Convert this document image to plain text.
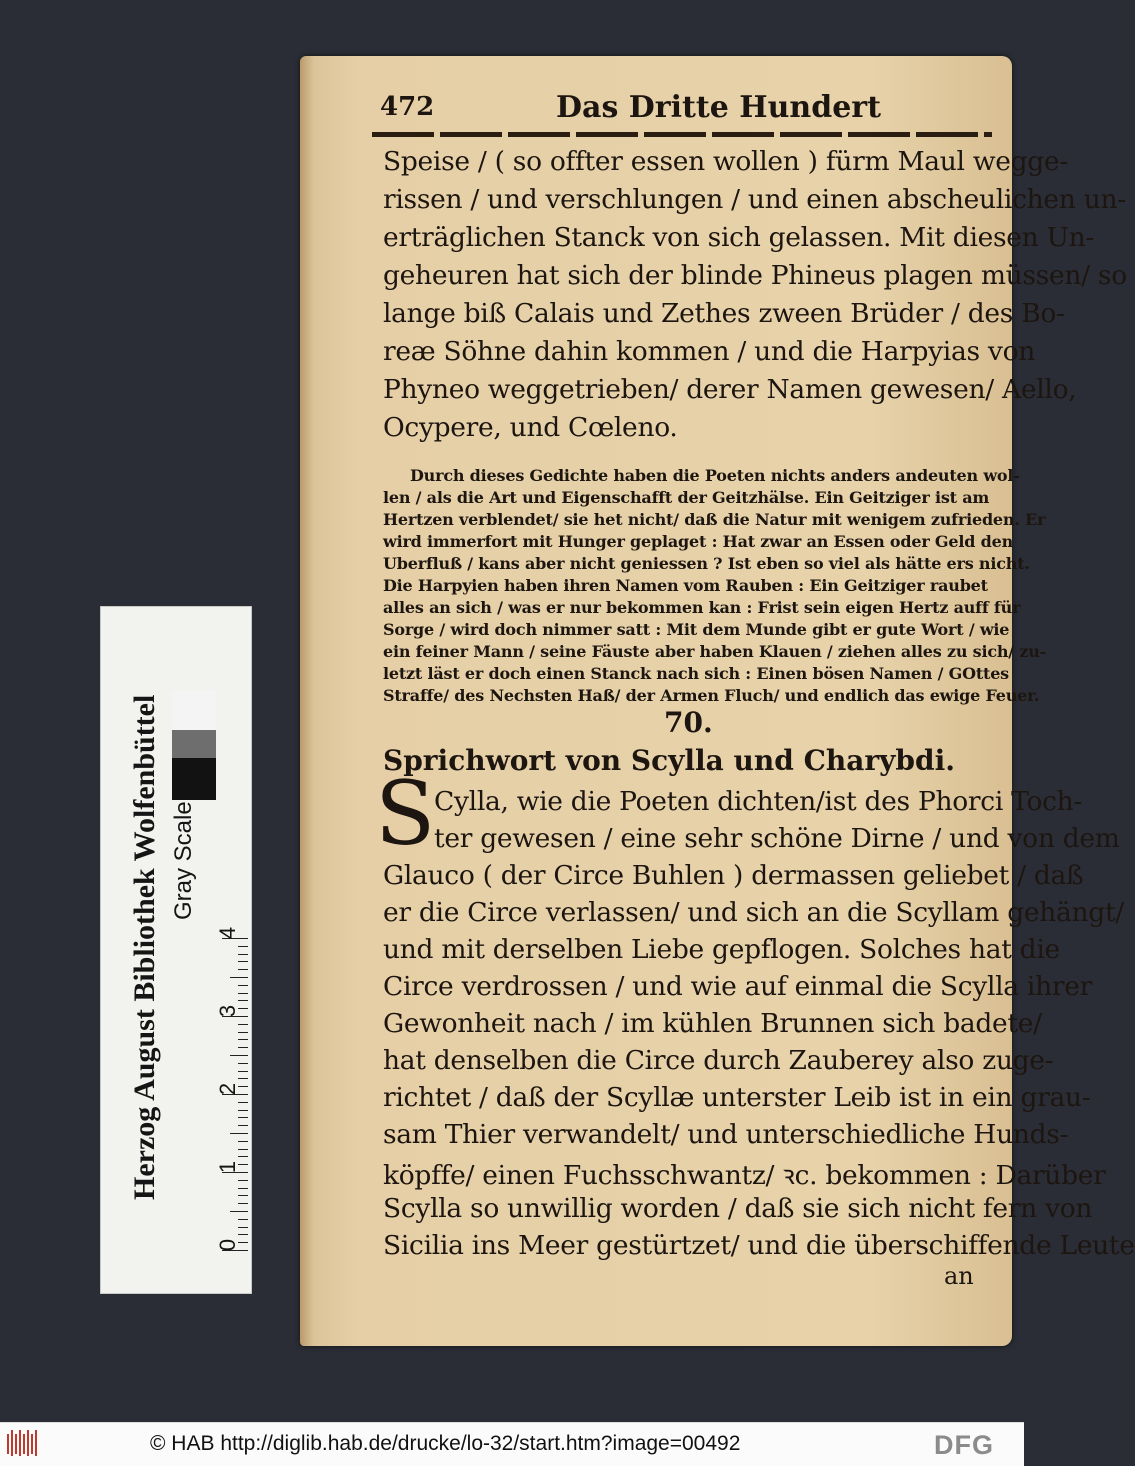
472	Das Dritte Hundert
Speise / ( so offter essen wollen ) fürm Maul wegge-
rissen / und verschlungen / und einen abscheulichen un-
erträglichen Stanck von sich gelassen. Mit diesen Un-
geheuren hat sich der blinde Phineus plagen müssen/ so
lange biß Calais und Zethes zween Brüder / des Bo-
reæ Söhne dahin kommen / und die Harpyias von
Phyneo weggetrieben/ derer Namen gewesen/ Aello,
Ocypere, und Cœleno.
Durch dieses Gedichte haben die Poeten nichts anders andeuten wol-
len / als die Art und Eigenschafft der Geitzhälse. Ein Geitziger ist am
Hertzen verblendet/ sie het nicht/ daß die Natur mit wenigem zufrieden. Er
wird immerfort mit Hunger geplaget : Hat zwar an Essen oder Geld den
Uberfluß / kans aber nicht geniessen ? Ist eben so viel als hätte ers nicht.
Die Harpyien haben ihren Namen vom Rauben : Ein Geitziger raubet
alles an sich / was er nur bekommen kan : Frist sein eigen Hertz auff für
Sorge / wird doch nimmer satt : Mit dem Munde gibt er gute Wort / wie
ein feiner Mann / seine Fäuste aber haben Klauen / ziehen alles zu sich/ zu-
letzt läst er doch einen Stanck nach sich : Einen bösen Namen / GOttes
Straffe/ des Nechsten Haß/ der Armen Fluch/ und endlich das ewige Feuer.
70.
Sprichwort von Scylla und Charybdi.
S
Cylla, wie die Poeten dichten/ist des Phorci Toch-
ter gewesen / eine sehr schöne Dirne / und von dem
Glauco ( der Circe Buhlen ) dermassen geliebet / daß
er die Circe verlassen/ und sich an die Scyllam gehängt/
und mit derselben Liebe gepflogen. Solches hat die
Circe verdrossen / und wie auf einmal die Scylla ihrer
Gewonheit nach / im kühlen Brunnen sich badete/
hat denselben die Circe durch Zauberey also zuge-
richtet / daß der Scyllæ unterster Leib ist in ein grau-
sam Thier verwandelt/ und unterschiedliche Hunds-
köpffe/ einen Fuchsschwantz/ ꝛc. bekommen : Darüber
Scylla so unwillig worden / daß sie sich nicht fern von
Sicilia ins Meer gestürtzet/ und die überschiffende Leute
an
Herzog August Bibliothek Wolfenbüttel Gray Scale
0
1
2
3
4
© HAB http://diglib.hab.de/drucke/lo-32/start.htm?image=00492	DFG
